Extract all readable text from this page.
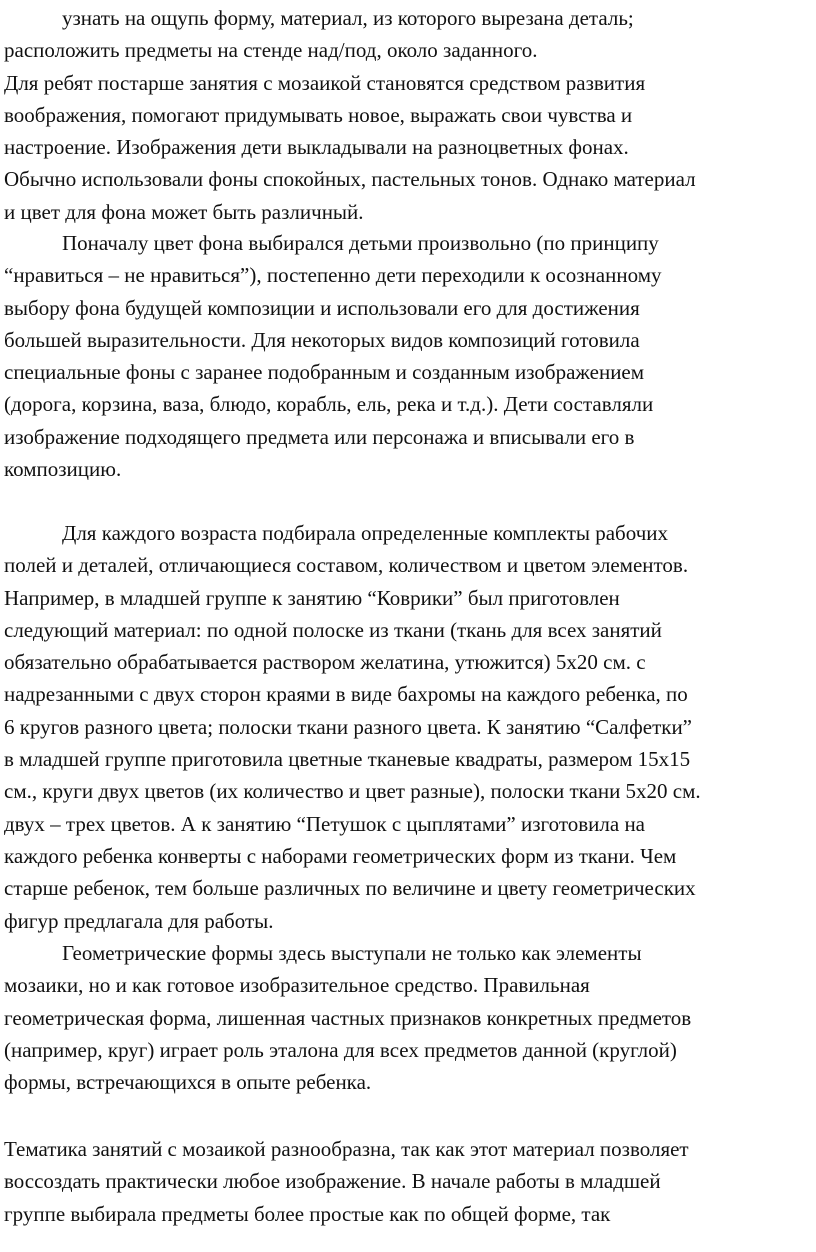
узнать на ощупь форму, материал, из которого вырезана деталь;
расположить предметы на стенде над/под, около заданного.
Для ребят постарше занятия с мозаикой становятся средством развития
воображения, помогают придумывать новое, выражать свои чувства и
настроение. Изображения дети выкладывали на разноцветных фонах.
Обычно использовали фоны спокойных, пастельных тонов. Однако материал
и цвет для фона может быть различный.
Поначалу цвет фона выбирался детьми произвольно (по принципу
“нравиться – не нравиться”), постепенно дети переходили к осознанному
выбору фона будущей композиции и использовали его для достижения
большей выразительности. Для некоторых видов композиций готовила
специальные фоны с заранее подобранным и созданным изображением
(дорога, корзина, ваза, блюдо, корабль, ель, река и т.д.). Дети составляли
изображение подходящего предмета или персонажа и вписывали его в
композицию.
Для каждого возраста подбирала определенные комплекты рабочих
полей и деталей, отличающиеся составом, количеством и цветом элементов.
Например, в младшей группе к занятию “Коврики” был приготовлен
следующий материал: по одной полоске из ткани (ткань для всех занятий
обязательно обрабатывается раствором желатина, утюжится) 5х20 см. с
надрезанными с двух сторон краями в виде бахромы на каждого ребенка, по
6 кругов разного цвета; полоски ткани разного цвета. К занятию “Салфетки”
в младшей группе приготовила цветные тканевые квадраты, размером 15х15
см., круги двух цветов (их количество и цвет разные), полоски ткани 5х20 см.
двух – трех цветов. А к занятию “Петушок с цыплятами” изготовила на
каждого ребенка конверты с наборами геометрических форм из ткани. Чем
старше ребенок, тем больше различных по величине и цвету геометрических
фигур предлагала для работы.
Геометрические формы здесь выступали не только как элементы
мозаики, но и как готовое изобразительное средство. Правильная
геометрическая форма, лишенная частных признаков конкретных предметов
(например, круг) играет роль эталона для всех предметов данной (круглой)
формы, встречающихся в опыте ребенка.
Тематика занятий с мозаикой разнообразна, так как этот материал позволяет
воссоздать практически любое изображение. В начале работы в младшей
группе выбирала предметы более простые как по общей форме, так
